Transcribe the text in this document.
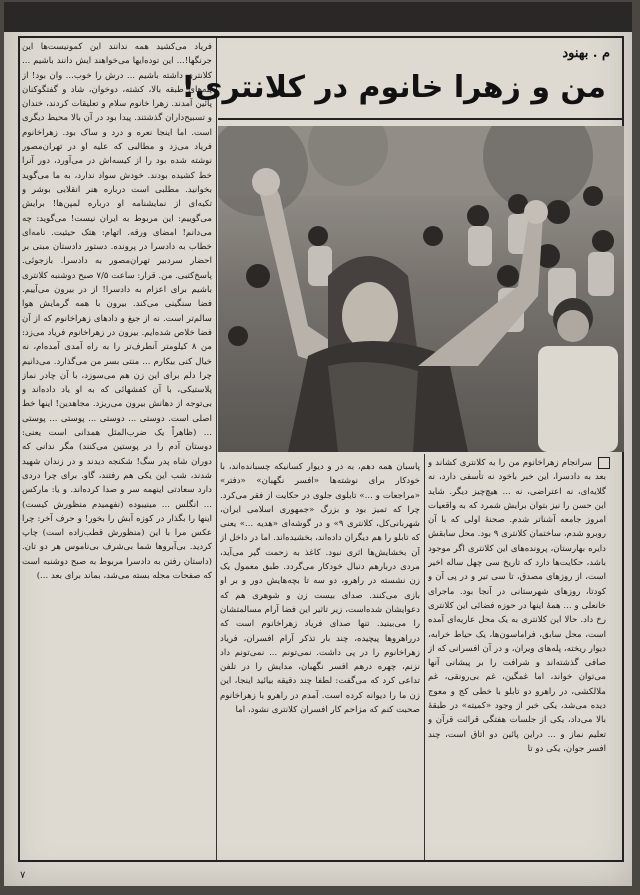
م . بهنود
من و زهرا خانوم در کلانتری!

فریاد می‌کشید همه ندانند این کمونیست‌ها این جرنگها!... این توده‌ایها می‌خواهند ایش دانند باشیم ... کلانتری داشته باشیم ... درش را خوب... وان بود! از پله‌های طبقه بالا، کشته، دوخوان، شاد و گفتگوکنان پائین آمدند. زهرا خانوم سلام و تعلیقات کردند، خندان و تسبیح‌داران گذشتند. پیدا بود در آن بالا محیط دیگری است. اما اینجا نعره و درد و ساک بود. زهراخانوم فریاد می‌زد و مطالبی که علیه او در تهران‌مصور نوشته شده بود را از کیسه‌اش در می‌آورد، دور آنرا خط کشیده بودند. خودش سواد ندارد، به ما می‌گوید بخوانید. مطلبی است درباره هنر انقلابی بوشر و تکیه‌ای از نمایشنامه او درباره لمپن‌ها! برایش می‌گوییم: این مربوط به ایران نیست! می‌گوید: چه می‌دانم! امضای ورقه. اتهام: هتک حیثیت. نامه‌ای خطاب به دادسرا در پرونده. دستور دادستان مبنی بر احضار سردبیر تهران‌مصور به دادسرا. بازجوئی. پاسخ‌کتبی. من. قرار: ساعت ۷/۵ صبح دوشنبه کلانتری باشیم برای اعزام به دادسرا! از در بیرون می‌آییم. فضا سنگینی می‌کند. بیرون با همه گرمایش هوا سالم‌تر است. نه از جیغ و داد‌های زهراخانوم که از آن فضا خلاص شده‌ایم. بیرون در زهراخانوم فریاد می‌زد: من ۸ کیلومتر آنطرف‌تر را به راه آمدی آمده‌ام، نه خیال کنی بیکارم ... منتی بسر من می‌گذارد. می‌دانیم چرا دلم برای این زن هم می‌سوزد، با آن چادر نماز پلاستیکی، با آن کفشهائی که به او یاد داده‌اند و بی‌توجه از دهانش بیرون می‌ریزد. مجاهدین! اینها خط اصلی است. دوستی ... دوستی ... پوستی ... پوستی ... (ظاهراً یک ضرب‌المثل همدانی است یعنی: دوستان آدم را در پوستین می‌کنند) مگر ندانی که دوران شاه پدر سگ! شکنجه دیدند و در زندان شهید شدند، شب این یکی هم رفتند، گاو. برای چرا دردی دارد سعادتی اینهمه سر و صدا کرده‌اند. و یا: مارکس ... انگلس ... مینیبوده (نفهمیدم منظورش کیست) اینها را بگذار در کوزه آبش را بخور! و حرف آخر: چرا عکس مرا با این (منظورش قطب‌زاده است) چاپ کردید. بی‌آبروها شما بی‌شرف بی‌ناموس هر دو تان. (داستان رفتن به دادسرا مربوط به صبح دوشنبه است که صفحات مجله بسته می‌شد، بماند برای بعد ...)

پاسبان همه دهم، به در و دیوار کسانیکه چسبانده‌اند، با خودکار برای نوشته‌ها «افسر نگهبان» «دفتر» «مراجعات و ...» تابلوی جلوی در حکایت از فقر می‌کرد. چرا که تمیز بود و بزرگ «جمهوری اسلامی ایران، شهربانی‌کل، کلانتری ۹» و در گوشه‌ای «هدیه ...» یعنی که تابلو را هم دیگران داده‌اند، بخشیده‌اند. اما در داخل از آن بخشایش‌ها اثری نبود. کاغذ به زحمت گیر می‌آید، مردی دربارهم دنبال خودکار می‌گردد. طبق معمول یک زن نشسته در راهرو، دو سه تا بچه‌هایش دور و بر او بازی می‌کنند. صدای بیست زن و شوهری هم که دعوایشان شده‌است، زیر تاثیر این فضا آرام مسالمتشان را می‌بینید. تنها صدای فریاد زهراخانوم است که درراهروها پیچیده، چند بار تذکر آرام افسران، فریاد زهراخانوم را در پی داشت. نمی‌تونم ... نمی‌تونم داد نزنم، چهره درهم افسر نگهبان، مدایش را در تلفن تداعی کرد که می‌گفت: لطفا چند دقیقه بیائید اینجا، این زن ما را دیوانه کرده است. آمدم در راهرو با زهراخانوم صحبت کنم که مزاحم کار افسران کلانتری نشود، اما

سرانجام زهراخانوم من را به کلانتری کشاند و بعد به دادسرا، این خبر باخود نه تأسفی دارد، نه گلایه‌ای، نه اعتراضی، نه ... هیچ‌چیز دیگر. شاید این حسن را نیز بتوان برایش شمرد که به واقعیات امروز جامعه آشنا‌تر شدم. صحنهٔ اولی که با آن روبرو شدم، ساختمان کلانتری ۹ بود. محل سابقش دایره بهارستان، پرونده‌های این کلانتری اگر موجود باشد، حکایت‌ها دارد که تاریخ سی چهل ساله اخیر است، از روزهای مصدق، تا سی تیر و در پی آن و کودتا، روزهای شهرستانی در آنجا بود. ماجرای خانعلی و ... همهٔ اینها در حوزه فضائی این کلانتری رخ داد. حالا این کلانتری به یک محل عاریه‌ای آمده است، محل سابق، فراماسون‌ها، یک حیاط خرابه، دیوار ریخته، پله‌های ویران، و در آن افسرانی که از صافی گذشته‌اند و شرافت را بر پیشانی آنها می‌توان خواند، اما غمگین، غم بی‌رونقی، غم ملالکشی، در راهرو دو تابلو با خطی کج و معوج دیده می‌شد، یکی خبر از وجود «کمیته» در طبقهٔ بالا می‌داد، یکی از جلسات هفتگی قرائت قرآن و تعلیم نماز و ... دراین پائین دو اتاق است، چند افسر جوان، یکی دو تا

۷
